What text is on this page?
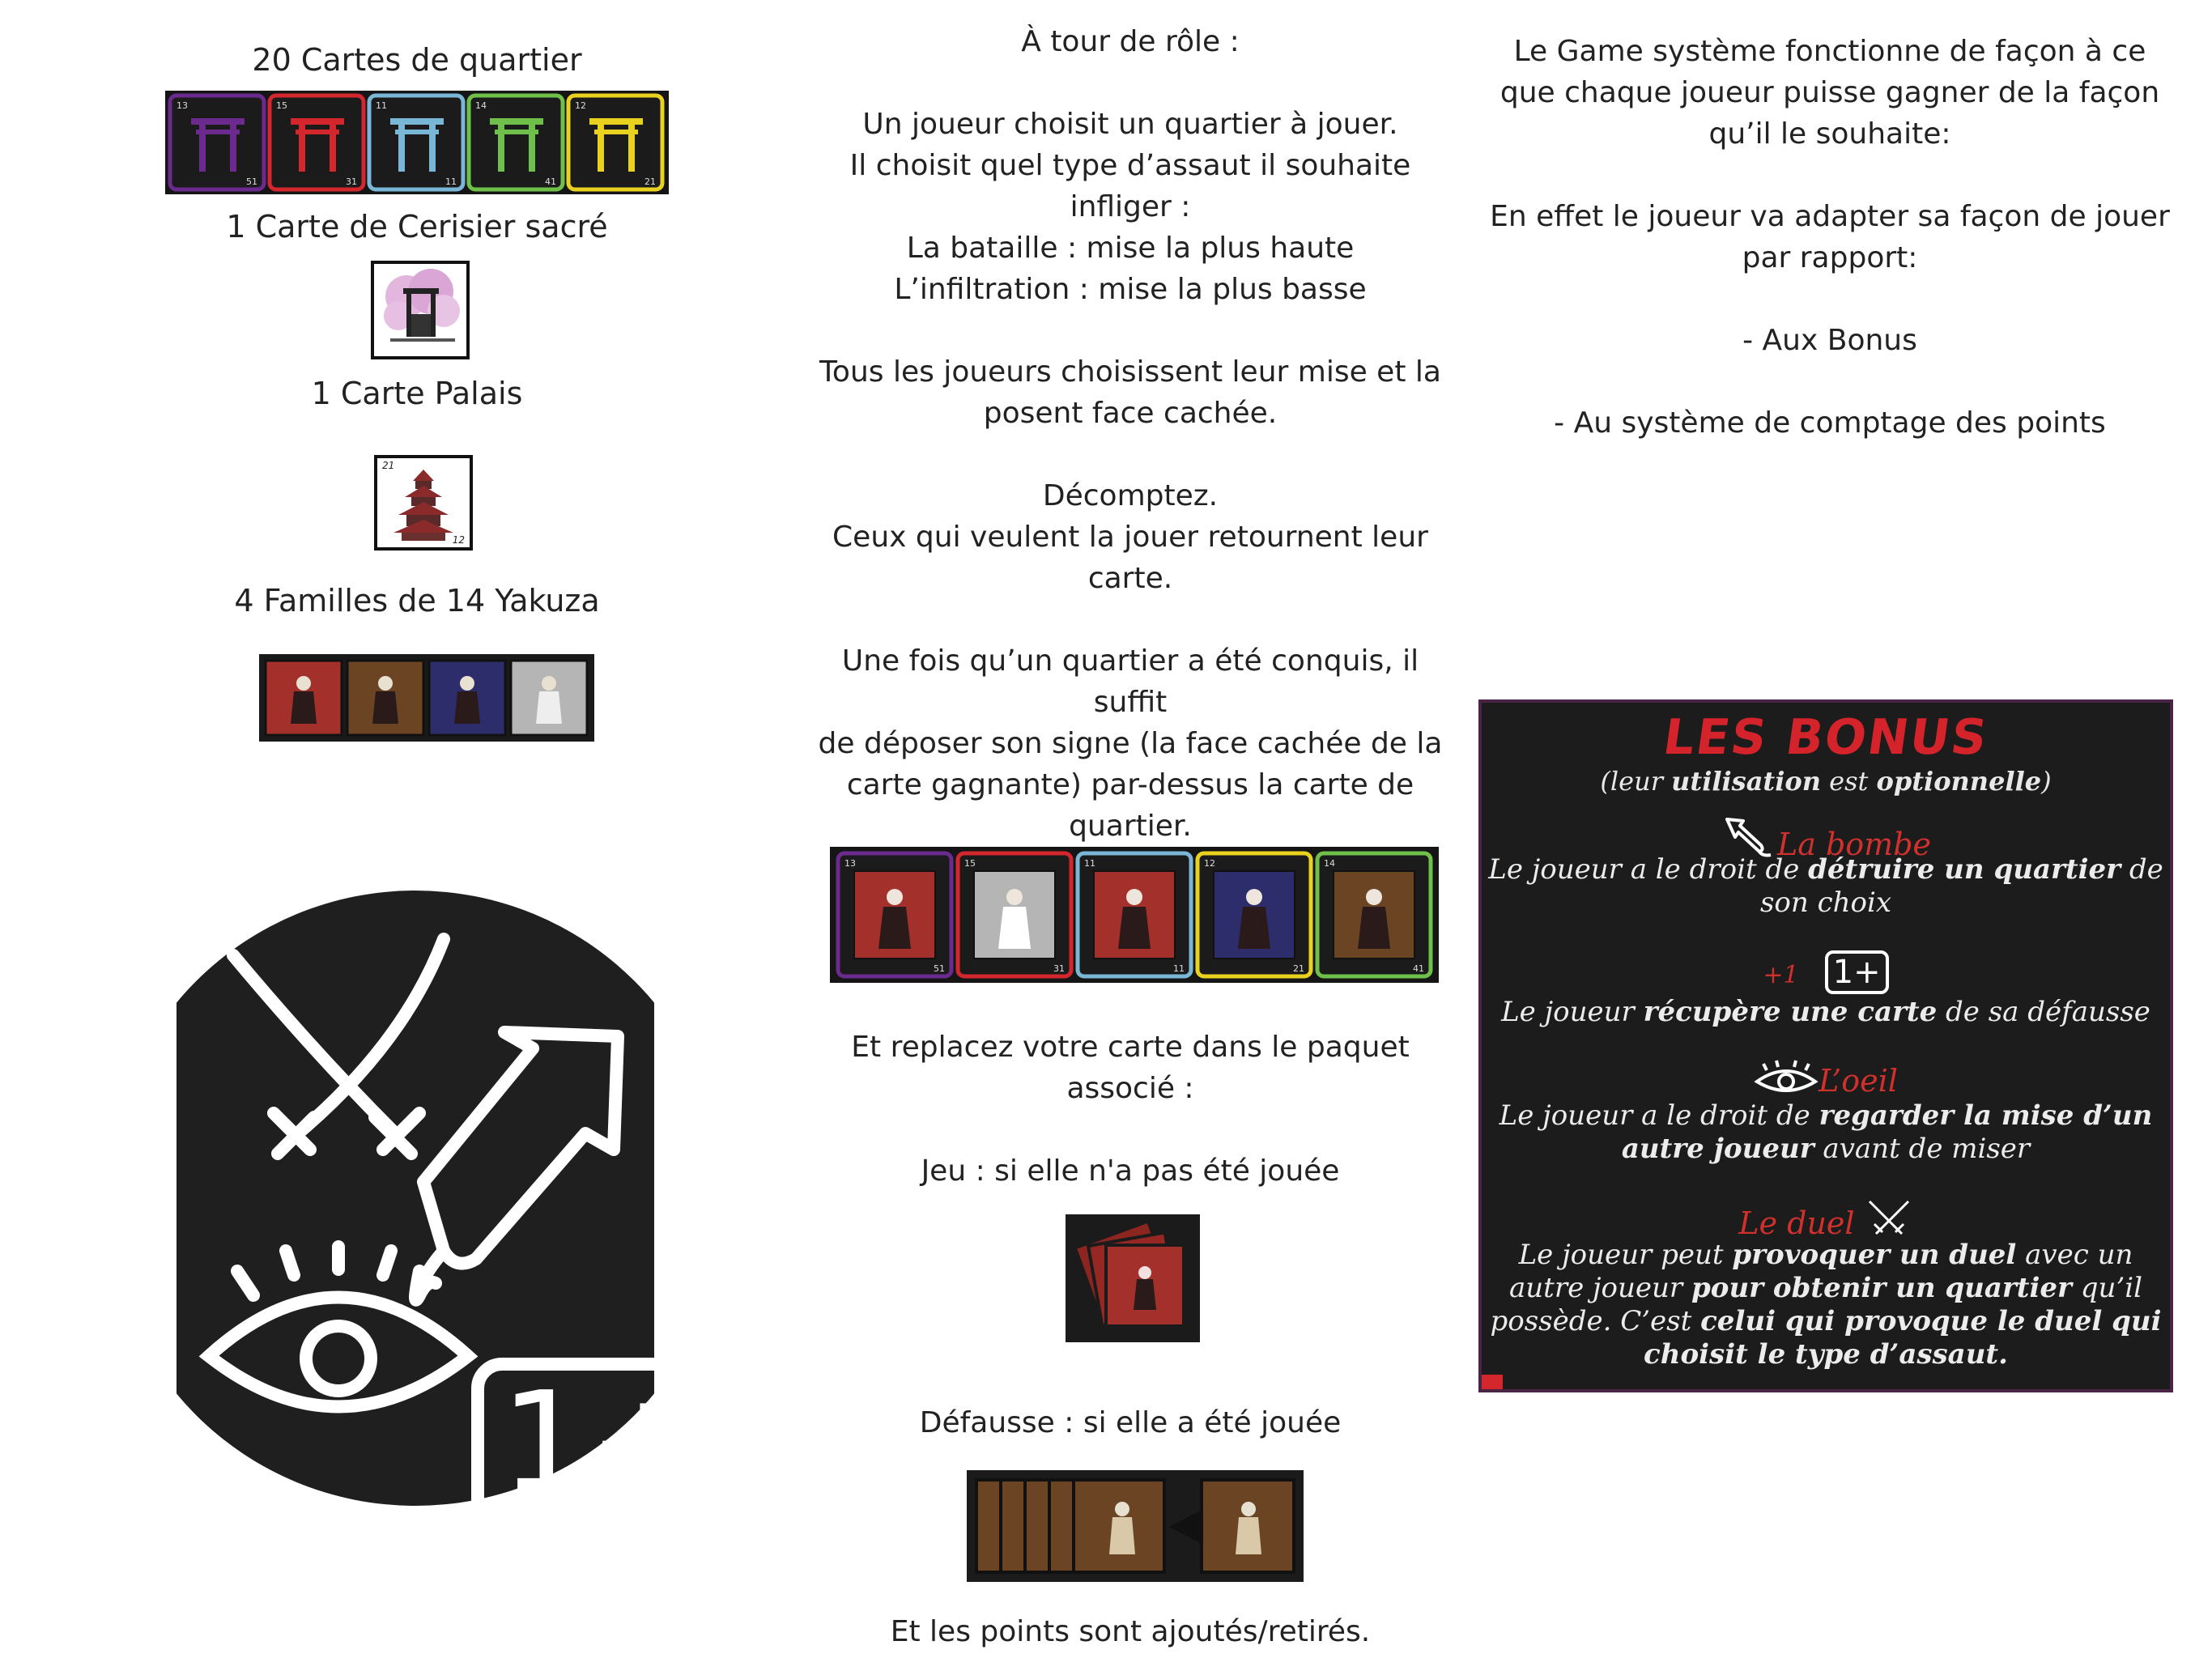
20 Cartes de quartier
13
51
15
31
11
11
14
41
12
21
1 Carte de Cerisier sacré
1 Carte Palais
21
12
4 Familles de 14 Yakuza
1+
À tour de rôle :

Un joueur choisit un quartier à jouer.
Il choisit quel type d’assaut il souhaite
infliger :
La bataille : mise la plus haute
L’infiltration : mise la plus basse

Tous les joueurs choisissent leur mise et la
posent face cachée.

Décomptez.
Ceux qui veulent la jouer retournent leur
carte.

Une fois qu’un quartier a été conquis, il suffit
de déposer son signe (la face cachée de la
carte gagnante) par-dessus la carte de
quartier.
13
51
15
31
11
11
12
21
14
41
Et replacez votre carte dans le paquet
associé :
Jeu : si elle n'a pas été jouée
Défausse : si elle a été jouée
Et les points sont ajoutés/retirés.
Le Game système fonctionne de façon à ce
que chaque joueur puisse gagner de la façon
qu’il le souhaite:

En effet le joueur va adapter sa façon de jouer
par rapport:

- Aux Bonus

- Au système de comptage des points
LES BONUS
(leur utilisation est optionnelle)
La bombe
Le joueur a le droit de détruire un quartier de son choix
+1 1+
Le joueur récupère une carte de sa défausse
L’oeil
Le joueur a le droit de regarder la mise d’un autre joueur avant de miser
Le duel
Le joueur peut provoquer un duel avec un autre joueur pour obtenir un quartier qu’il possède. C’est celui qui provoque le duel qui choisit le type d’assaut.
